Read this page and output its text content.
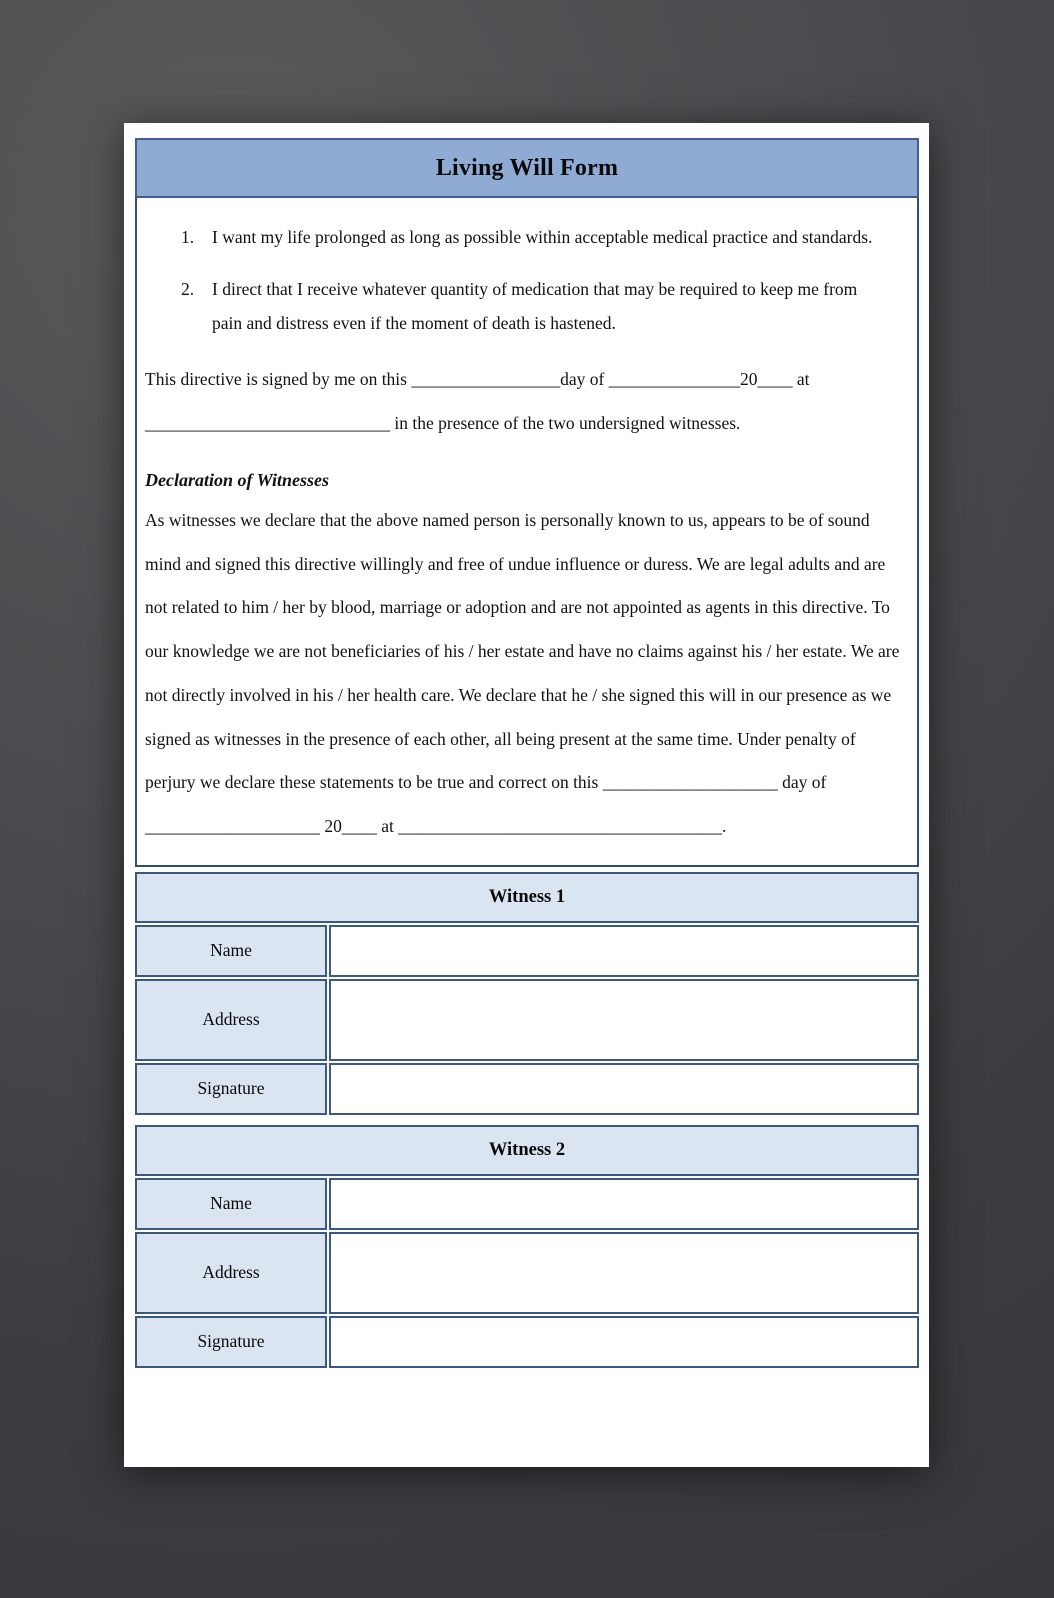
Living Will Form
1.	I want my life prolonged as long as possible within acceptable medical practice and standards.
2.	I direct that I receive whatever quantity of medication that may be required to keep me from pain and distress even if the moment of death is hastened.

This directive is signed by me on this _________________day of _______________20____ at ____________________________ in the presence of the two undersigned witnesses.

Declaration of Witnesses

As witnesses we declare that the above named person is personally known to us, appears to be of sound mind and signed this directive willingly and free of undue influence or duress. We are legal adults and are not related to him / her by blood, marriage or adoption and are not appointed as agents in this directive. To our knowledge we are not beneficiaries of his / her estate and have no claims against his / her estate. We are not directly involved in his / her health care. We declare that he / she signed this will in our presence as we signed as witnesses in the presence of each other, all being present at the same time. Under penalty of perjury we declare these statements to be true and correct on this ____________________ day of ____________________ 20____ at _____________________________________.

Witness 1
Name	
Address	
Signature	
Witness 2
Name	
Address	
Signature	
